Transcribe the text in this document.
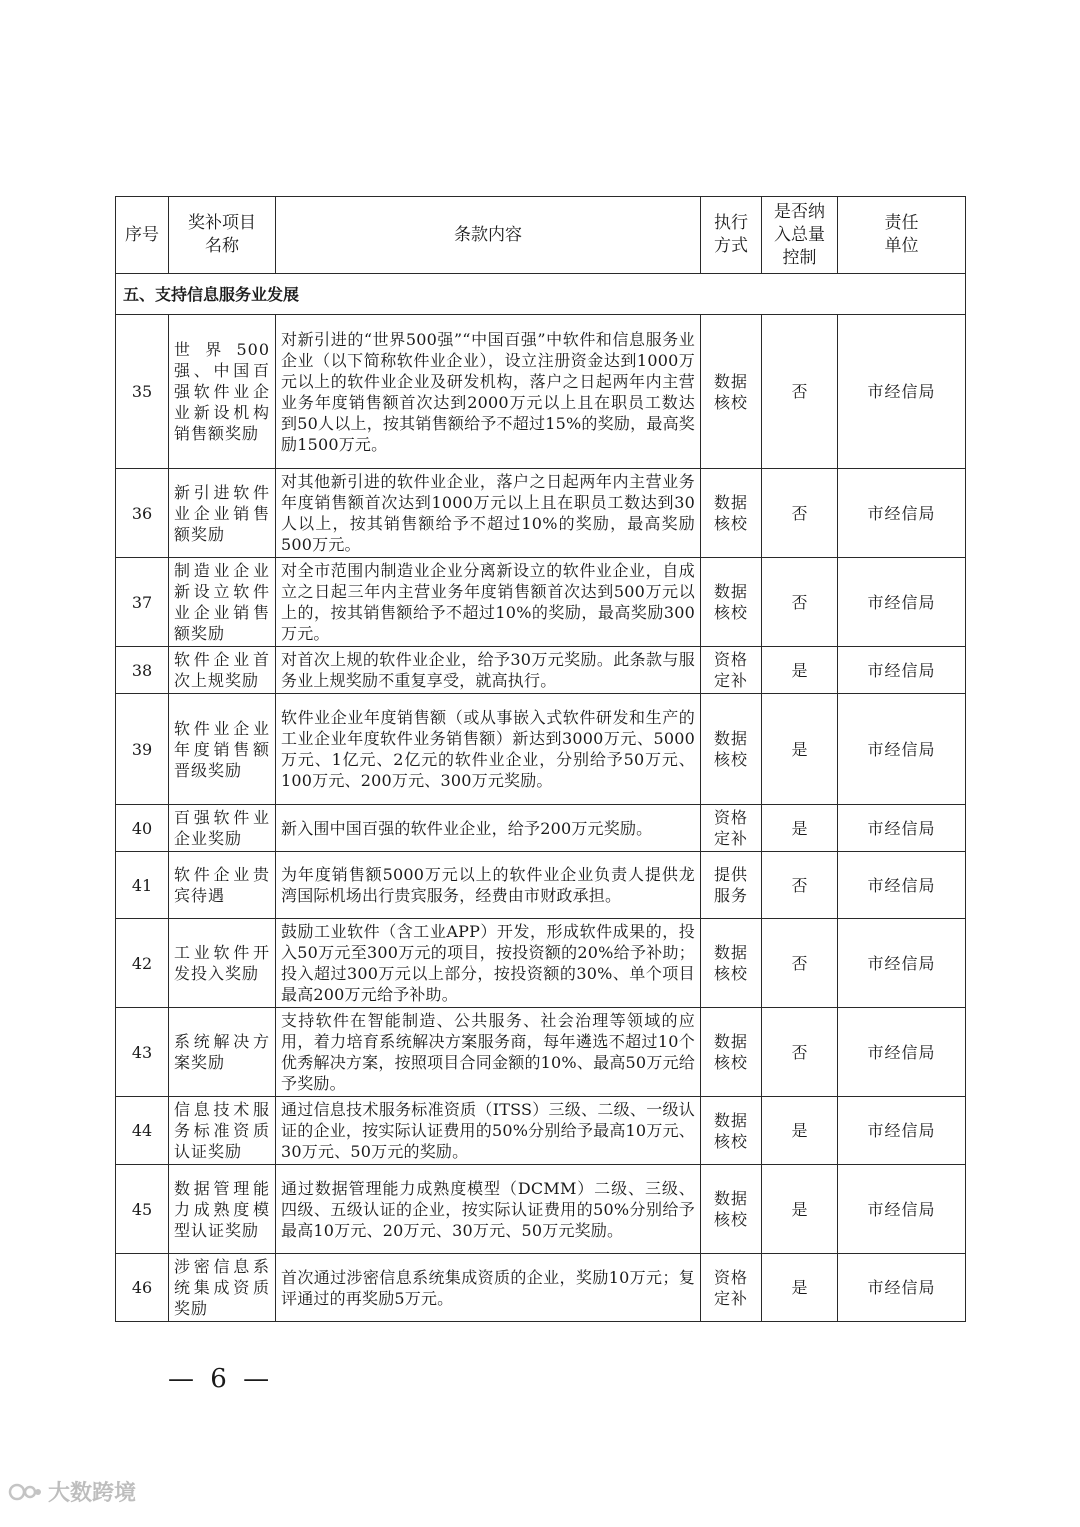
序号	奖补项目名称	条款内容	执行方式	是否纳入总量控制	责任单位
五、支持信息服务业发展					
35	世界500强、中国百强软件业企业新设机构销售额奖励	对新引进的“世界500强”“中国百强”中软件和信息服务业企业（以下简称软件业企业），设立注册资金达到1000万元以上的软件业企业及研发机构，落户之日起两年内主营业务年度销售额首次达到2000万元以上且在职员工数达到50人以上，按其销售额给予不超过15%的奖励，最高奖励1500万元。	数据核校	否	市经信局
36	新引进软件业企业销售额奖励	对其他新引进的软件业企业，落户之日起两年内主营业务年度销售额首次达到1000万元以上且在职员工数达到30人以上，按其销售额给予不超过10%的奖励，最高奖励500万元。	数据核校	否	市经信局
37	制造业企业新设立软件业企业销售额奖励	对全市范围内制造业企业分离新设立的软件业企业，自成立之日起三年内主营业务年度销售额首次达到500万元以上的，按其销售额给予不超过10%的奖励，最高奖励300万元。	数据核校	否	市经信局
38	软件企业首次上规奖励	对首次上规的软件业企业，给予30万元奖励。此条款与服务业上规奖励不重复享受，就高执行。	资格定补	是	市经信局
39	软件业企业年度销售额晋级奖励	软件业企业年度销售额（或从事嵌入式软件研发和生产的工业企业年度软件业务销售额）新达到3000万元、5000万元、1亿元、2亿元的软件业企业，分别给予50万元、100万元、200万元、300万元奖励。	数据核校	是	市经信局
40	百强软件业企业奖励	新入围中国百强的软件业企业，给予200万元奖励。	资格定补	是	市经信局
41	软件企业贵宾待遇	为年度销售额5000万元以上的软件业企业负责人提供龙湾国际机场出行贵宾服务，经费由市财政承担。	提供服务	否	市经信局
42	工业软件开发投入奖励	鼓励工业软件（含工业APP）开发，形成软件成果的，投入50万元至300万元的项目，按投资额的20%给予补助；投入超过300万元以上部分，按投资额的30%、单个项目最高200万元给予补助。	数据核校	否	市经信局
43	系统解决方案奖励	支持软件在智能制造、公共服务、社会治理等领域的应用，着力培育系统解决方案服务商，每年遴选不超过10个优秀解决方案，按照项目合同金额的10%、最高50万元给予奖励。	数据核校	否	市经信局
44	信息技术服务标准资质认证奖励	通过信息技术服务标准资质（ITSS）三级、二级、一级认证的企业，按实际认证费用的50%分别给予最高10万元、30万元、50万元的奖励。	数据核校	是	市经信局
45	数据管理能力成熟度模型认证奖励	通过数据管理能力成熟度模型（DCMM）二级、三级、四级、五级认证的企业，按实际认证费用的50%分别给予最高10万元、20万元、30万元、50万元奖励。	数据核校	是	市经信局
46	涉密信息系统集成资质奖励	首次通过涉密信息系统集成资质的企业，奖励10万元；复评通过的再奖励5万元。	资格定补	是	市经信局
— 6 —
大数跨境
